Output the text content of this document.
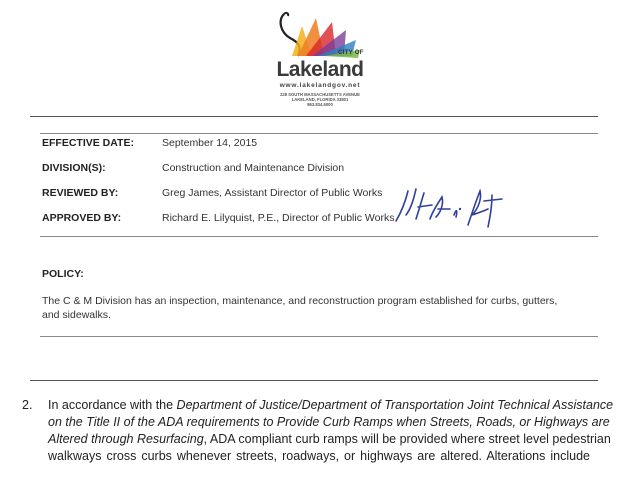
CITY OF
Lakeland
www.lakelandgov.net
228 SOUTH MASSACHUSETTS AVENUE
LAKELAND, FLORIDA 33801
863.834.6000
EFFECTIVE DATE:	September 14, 2015
DIVISION(S):	Construction and Maintenance Division
REVIEWED BY:	Greg James, Assistant Director of Public Works
APPROVED BY:	Richard E. Lilyquist, P.E., Director of Public Works
POLICY:
The C & M Division has an inspection, maintenance, and reconstruction program established for curbs, gutters, and sidewalks.
2. In accordance with the Department of Justice/Department of Transportation Joint Technical Assistance
on the Title II of the ADA requirements to Provide Curb Ramps when Streets, Roads, or Highways are
Altered through Resurfacing, ADA compliant curb ramps will be provided where street level pedestrian
walkways cross curbs whenever streets, roadways, or highways are altered. Alterations include
